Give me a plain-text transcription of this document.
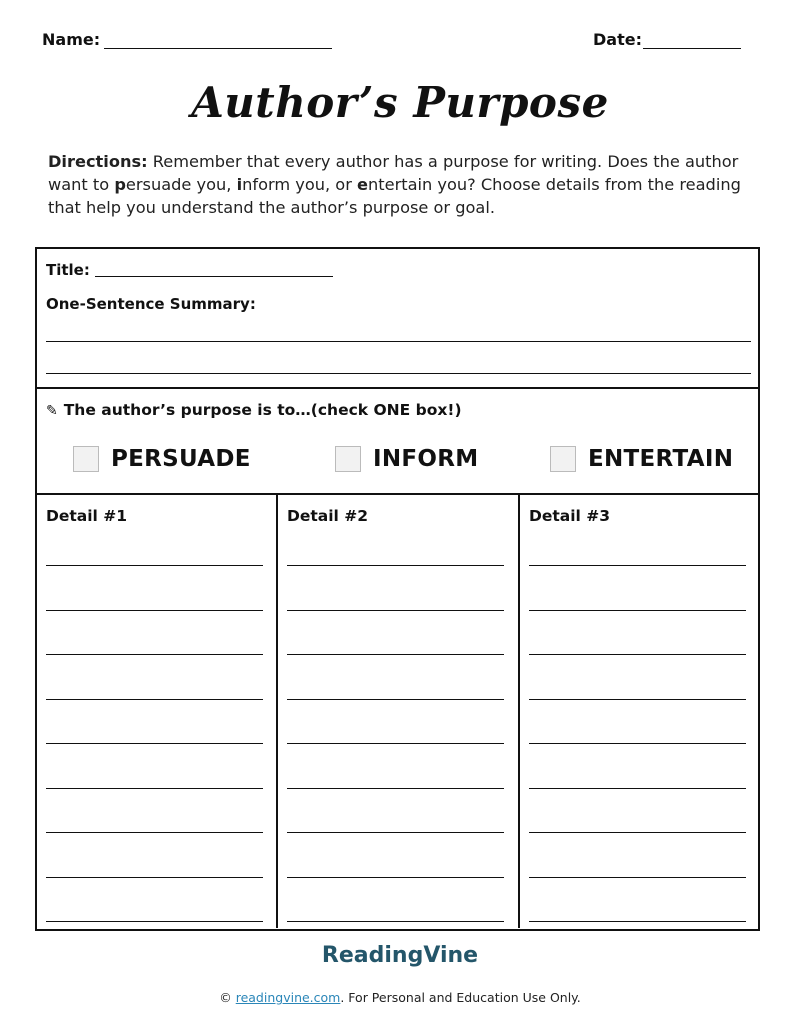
Name:	Date:
Author’s Purpose
Directions: Remember that every author has a purpose for writing. Does the author want to persuade you, inform you, or entertain you? Choose details from the reading that help you understand the author’s purpose or goal.
Title:
One-Sentence Summary:
✎ The author’s purpose is to…(check ONE box!)
PERSUADE	INFORM	ENTERTAIN
Detail #1	Detail #2	Detail #3
ReadingVine
© readingvine.com. For Personal and Education Use Only.
